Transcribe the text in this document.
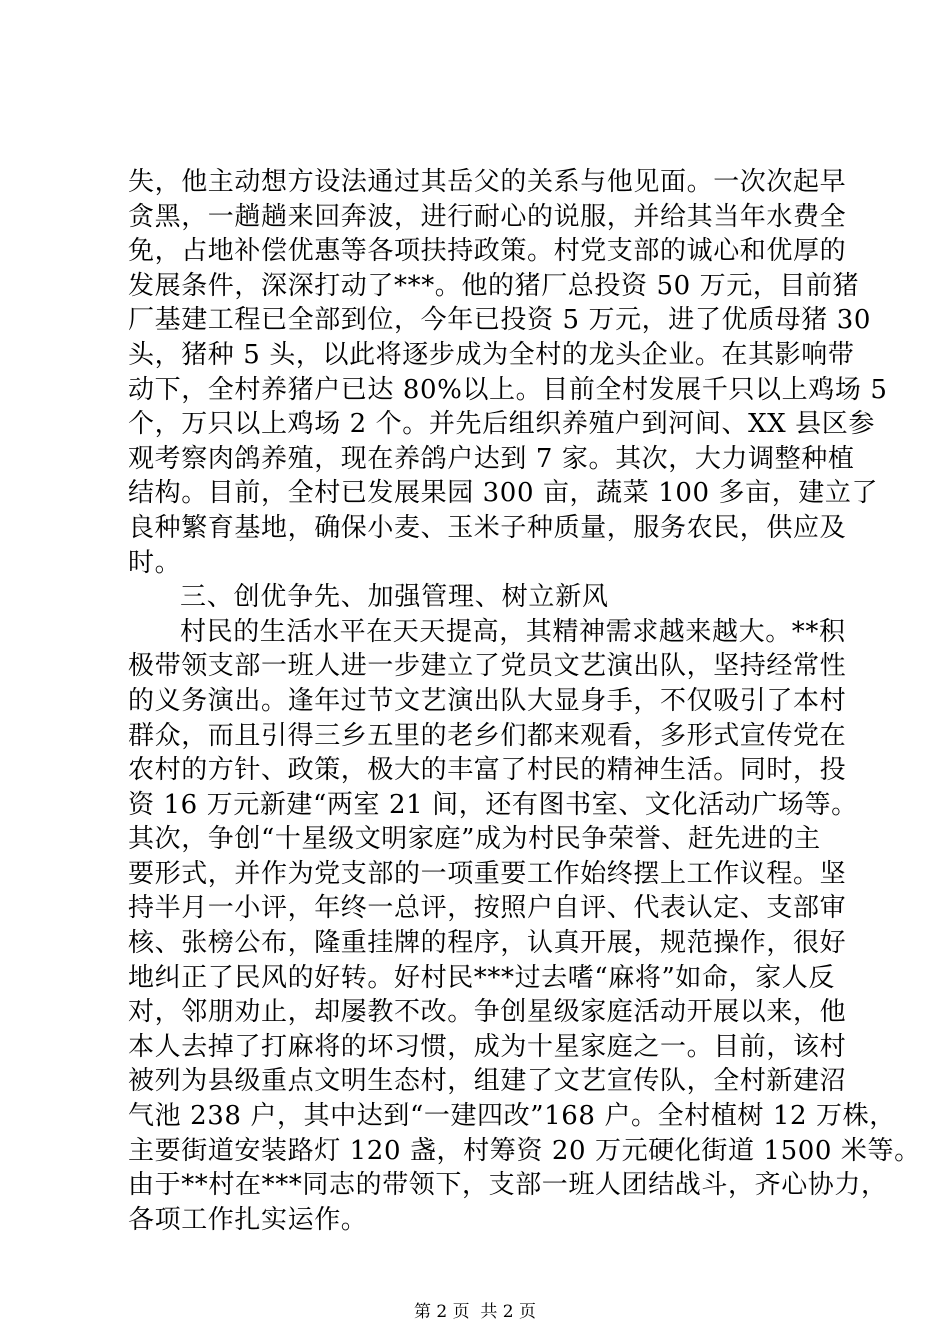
失，他主动想方设法通过其岳父的关系与他见面。一次次起早
贪黑，一趟趟来回奔波，进行耐心的说服，并给其当年水费全
免，占地补偿优惠等各项扶持政策。村党支部的诚心和优厚的
发展条件，深深打动了***。他的猪厂总投资 50 万元，目前猪
厂基建工程已全部到位，今年已投资 5 万元，进了优质母猪 30
头，猪种 5 头，以此将逐步成为全村的龙头企业。在其影响带
动下，全村养猪户已达 80%以上。目前全村发展千只以上鸡场 5
个，万只以上鸡场 2 个。并先后组织养殖户到河间、XX 县区参
观考察肉鸽养殖，现在养鸽户达到 7 家。其次，大力调整种植
结构。目前，全村已发展果园 300 亩，蔬菜 100 多亩，建立了
良种繁育基地，确保小麦、玉米子种质量，服务农民，供应及
时。
三、创优争先、加强管理、树立新风
村民的生活水平在天天提高，其精神需求越来越大。**积
极带领支部一班人进一步建立了党员文艺演出队，坚持经常性
的义务演出。逢年过节文艺演出队大显身手，不仅吸引了本村
群众，而且引得三乡五里的老乡们都来观看，多形式宣传党在
农村的方针、政策，极大的丰富了村民的精神生活。同时，投
资 16 万元新建“两室 21 间，还有图书室、文化活动广场等。
其次，争创“十星级文明家庭”成为村民争荣誉、赶先进的主
要形式，并作为党支部的一项重要工作始终摆上工作议程。坚
持半月一小评，年终一总评，按照户自评、代表认定、支部审
核、张榜公布，隆重挂牌的程序，认真开展，规范操作，很好
地纠正了民风的好转。好村民***过去嗜“麻将”如命，家人反
对，邻朋劝止，却屡教不改。争创星级家庭活动开展以来，他
本人去掉了打麻将的坏习惯，成为十星家庭之一。目前，该村
被列为县级重点文明生态村，组建了文艺宣传队，全村新建沼
气池 238 户，其中达到“一建四改”168 户。全村植树 12 万株，
主要街道安装路灯 120 盏，村筹资 20 万元硬化街道 1500 米等。
由于**村在***同志的带领下，支部一班人团结战斗，齐心协力，
各项工作扎实运作。
第 2 页  共 2 页
